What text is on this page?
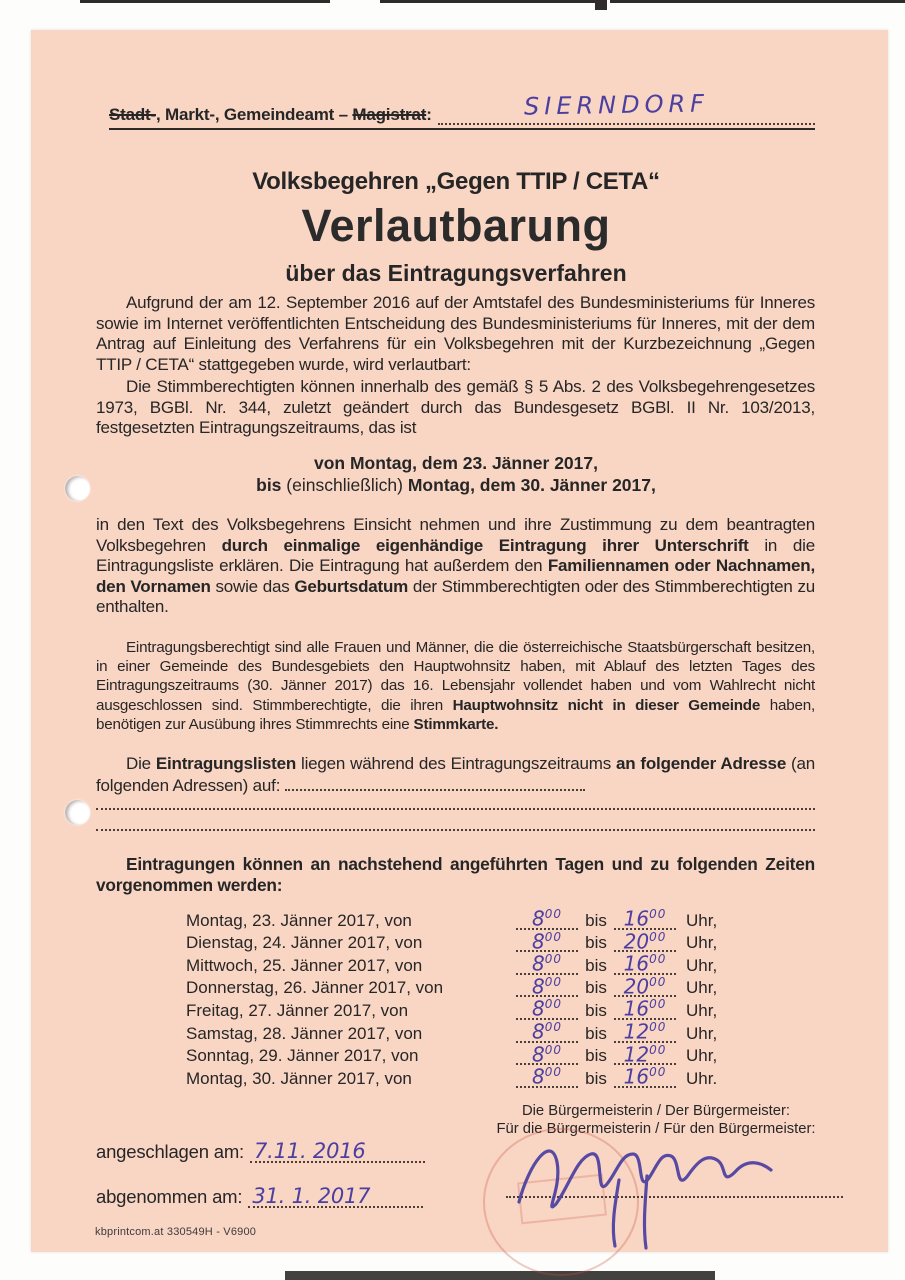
Stadt-, Markt-, Gemeindeamt – Magistrat:	SIERNDORF
Volksbegehren „Gegen TTIP / CETA“
Verlautbarung
über das Eintragungsverfahren
Aufgrund der am 12. September 2016 auf der Amtstafel des Bundesministeriums für Inneres sowie im Internet veröffentlichten Entscheidung des Bundesministeriums für Inneres, mit der dem Antrag auf Einleitung des Verfahrens für ein Volksbegehren mit der Kurzbezeichnung „Gegen TTIP / CETA“ stattgegeben wurde, wird verlautbart:
Die Stimmberechtigten können innerhalb des gemäß § 5 Abs. 2 des Volksbegehrengesetzes 1973, BGBl. Nr. 344, zuletzt geändert durch das Bundesgesetz BGBl. II Nr. 103/2013, festgesetzten Eintragungszeitraums, das ist
von Montag, dem 23. Jänner 2017,
bis (einschließlich) Montag, dem 30. Jänner 2017,
in den Text des Volksbegehrens Einsicht nehmen und ihre Zustimmung zu dem beantragten Volksbegehren durch einmalige eigenhändige Eintragung ihrer Unterschrift in die Eintragungsliste erklären. Die Eintragung hat außerdem den Familiennamen oder Nachnamen, den Vornamen sowie das Geburtsdatum der Stimmberechtigten oder des Stimmberechtigten zu enthalten.
Eintragungsberechtigt sind alle Frauen und Männer, die die österreichische Staatsbürgerschaft besitzen, in einer Gemeinde des Bundesgebiets den Hauptwohnsitz haben, mit Ablauf des letzten Tages des Eintragungszeitraums (30. Jänner 2017) das 16. Lebensjahr vollendet haben und vom Wahlrecht nicht ausgeschlossen sind. Stimmberechtigte, die ihren Hauptwohnsitz nicht in dieser Gemeinde haben, benötigen zur Ausübung ihres Stimmrechts eine Stimmkarte.
Die Eintragungslisten liegen während des Eintragungszeitraums an folgender Adresse (an folgenden Adressen) auf:
Eintragungen können an nachstehend angeführten Tagen und zu folgenden Zeiten vorgenommen werden:
Montag, 23. Jänner 2017, von	$8^{00}$	bis $16^{00}$	Uhr,
Dienstag, 24. Jänner 2017, von	$8^{00}$	bis $20^{00}$	Uhr,
Mittwoch, 25. Jänner 2017, von	$8^{00}$	bis $16^{00}$	Uhr,
Donnerstag, 26. Jänner 2017, von	$8^{00}$	bis $20^{00}$	Uhr,
Freitag, 27. Jänner 2017, von	$8^{00}$	bis $16^{00}$	Uhr,
Samstag, 28. Jänner 2017, von	$8^{00}$	bis $12^{00}$	Uhr,
Sonntag, 29. Jänner 2017, von	$8^{00}$	bis $12^{00}$	Uhr,
Montag, 30. Jänner 2017, von	$8^{00}$	bis $16^{00}$	Uhr.
Die Bürgermeisterin / Der Bürgermeister:
Für die Bürgermeisterin / Für den Bürgermeister:
angeschlagen am: 7.11. 2016
abgenommen am: 31. 1. 2017
kbprintcom.at 330549H - V6900
